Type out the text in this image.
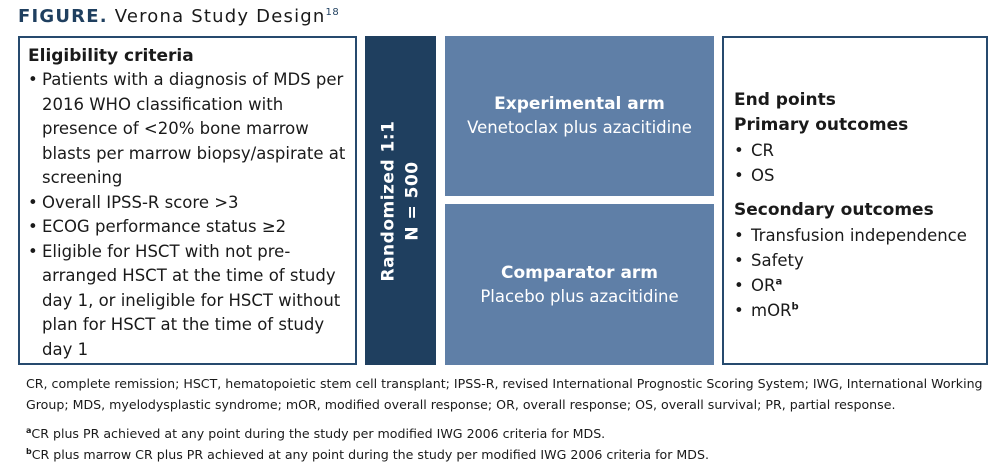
FIGURE. Verona Study Design$^{18}$
Eligibility criteria
• Patients with a diagnosis of MDS per 2016 WHO classification with presence of <20% bone marrow blasts per marrow biopsy/aspirate at screening
• Overall IPSS-R score >3
• ECOG performance status ≥2
• Eligible for HSCT with not pre-arranged HSCT at the time of study day 1, or ineligible for HSCT without plan for HSCT at the time of study day 1
Randomized 1:1 N = 500
Experimental arm
Venetoclax plus azacitidine
Comparator arm
Placebo plus azacitidine
End points
Primary outcomes
• CR
• OS
Secondary outcomes
• Transfusion independence
• Safety
• $OR^a$
• mOR$^b$

CR, complete remission; HSCT, hematopoietic stem cell transplant; IPSS-R, revised International Prognostic Scoring System; IWG, International Working Group; MDS, myelodysplastic syndrome; mOR, modified overall response; OR, overall response; OS, overall survival; PR, partial response.

$^a$CR plus PR achieved at any point during the study per modified IWG 2006 criteria for MDS.

$^b$CR plus marrow CR plus PR achieved at any point during the study per modified IWG 2006 criteria for MDS.
